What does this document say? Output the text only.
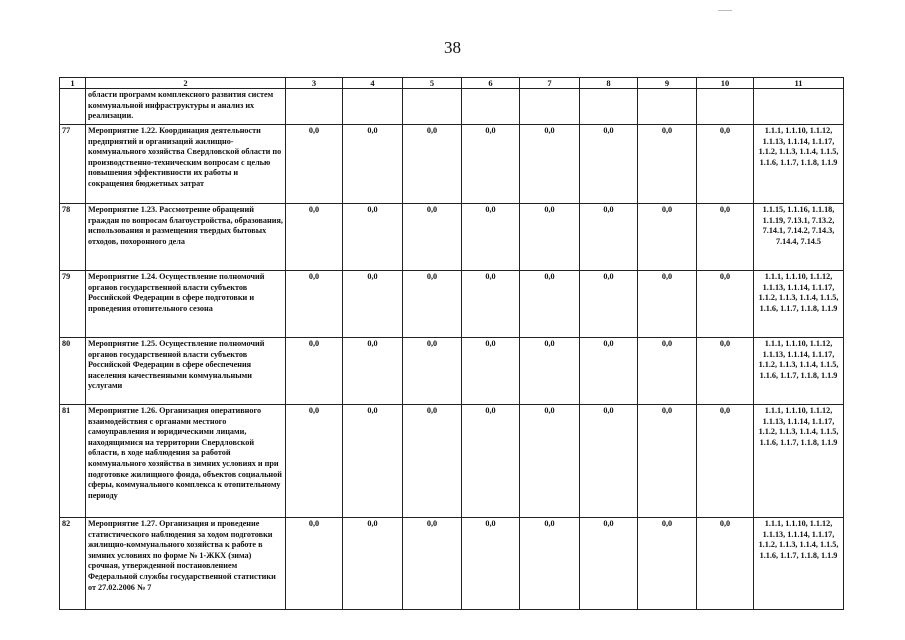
38
1	2	3	4	5	6	7	8	9	10	11
	области программ комплексного развития систем коммунальной инфраструктуры и анализ их реализации.									
77	Мероприятие 1.22. Координация деятельности предприятий и организаций жилищно-коммунального хозяйства Свердловской области по производственно-техническим вопросам с целью повышения эффективности их работы и сокращения бюджетных затрат	0,0	0,0	0,0	0,0	0,0	0,0	0,0	0,0	1.1.1, 1.1.10, 1.1.12, 1.1.13, 1.1.14, 1.1.17, 1.1.2, 1.1.3, 1.1.4, 1.1.5, 1.1.6, 1.1.7, 1.1.8, 1.1.9
78	Мероприятие 1.23. Рассмотрение обращений граждан по вопросам благоустройства, образования, использования и размещения твердых бытовых отходов, похоронного дела	0,0	0,0	0,0	0,0	0,0	0,0	0,0	0,0	1.1.15, 1.1.16, 1.1.18, 1.1.19, 7.13.1, 7.13.2, 7.14.1, 7.14.2, 7.14.3, 7.14.4, 7.14.5
79	Мероприятие 1.24. Осуществление полномочий органов государственной власти субъектов Российской Федерации в сфере подготовки и проведения отопительного сезона	0,0	0,0	0,0	0,0	0,0	0,0	0,0	0,0	1.1.1, 1.1.10, 1.1.12, 1.1.13, 1.1.14, 1.1.17, 1.1.2, 1.1.3, 1.1.4, 1.1.5, 1.1.6, 1.1.7, 1.1.8, 1.1.9
80	Мероприятие 1.25. Осуществление полномочий органов государственной власти субъектов Российской Федерации в сфере обеспечения населения качественными коммунальными услугами	0,0	0,0	0,0	0,0	0,0	0,0	0,0	0,0	1.1.1, 1.1.10, 1.1.12, 1.1.13, 1.1.14, 1.1.17, 1.1.2, 1.1.3, 1.1.4, 1.1.5, 1.1.6, 1.1.7, 1.1.8, 1.1.9
81	Мероприятие 1.26. Организация оперативного взаимодействия с органами местного самоуправления и юридическими лицами, находящимися на территории Свердловской области, в ходе наблюдения за работой коммунального хозяйства в зимних условиях и при подготовке жилищного фонда, объектов социальной сферы, коммунального комплекса к отопительному периоду	0,0	0,0	0,0	0,0	0,0	0,0	0,0	0,0	1.1.1, 1.1.10, 1.1.12, 1.1.13, 1.1.14, 1.1.17, 1.1.2, 1.1.3, 1.1.4, 1.1.5, 1.1.6, 1.1.7, 1.1.8, 1.1.9
82	Мероприятие 1.27. Организация и проведение статистического наблюдения за ходом подготовки жилищно-коммунального хозяйства к работе в зимних условиях по форме № 1-ЖКХ (зима) срочная, утвержденной постановлением Федеральной службы государственной статистики от 27.02.2006 № 7	0,0	0,0	0,0	0,0	0,0	0,0	0,0	0,0	1.1.1, 1.1.10, 1.1.12, 1.1.13, 1.1.14, 1.1.17, 1.1.2, 1.1.3, 1.1.4, 1.1.5, 1.1.6, 1.1.7, 1.1.8, 1.1.9
